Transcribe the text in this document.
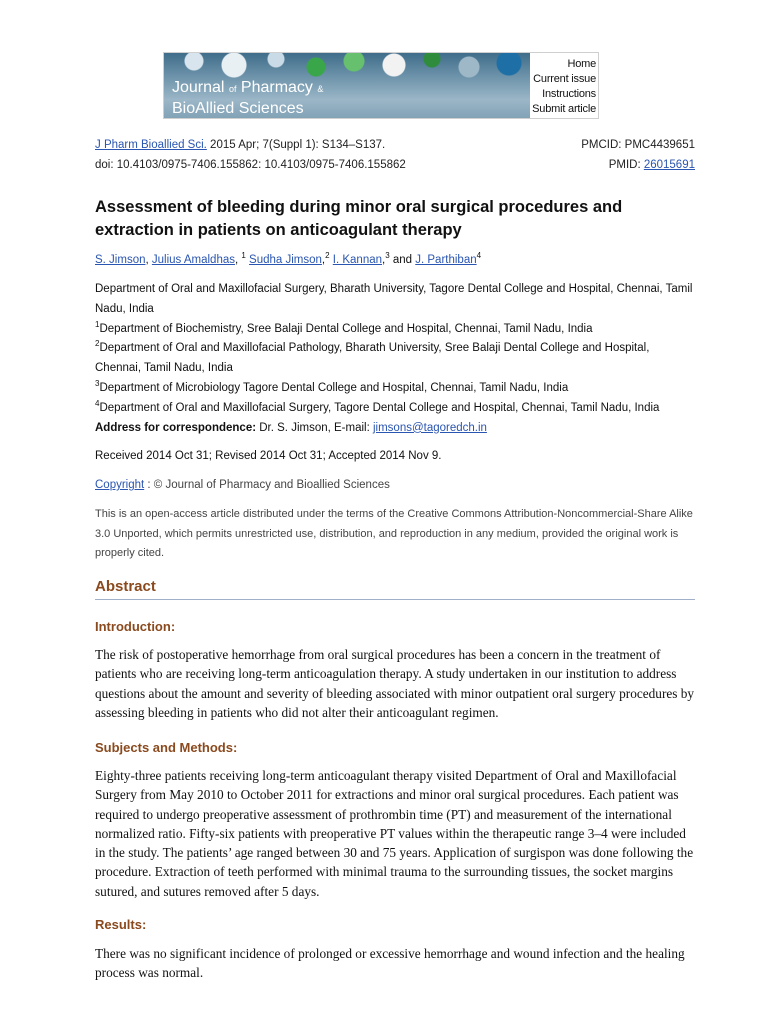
Journal of Pharmacy &
BioAllied Sciences
Home
Current issue
Instructions
Submit article
J Pharm Bioallied Sci. 2015 Apr; 7(Suppl 1): S134–S137.	PMCID: PMC4439651
doi: 10.4103/0975-7406.155862: 10.4103/0975-7406.155862	PMID: 26015691
Assessment of bleeding during minor oral surgical procedures and extraction in patients on anticoagulant therapy
S. Jimson, Julius Amaldhas, $^1$ Sudha Jimson,$^2$ I. Kannan,$^3$ and J. Parthiban$^4$

Department of Oral and Maxillofacial Surgery, Bharath University, Tagore Dental College and Hospital, Chennai, Tamil Nadu, India

$^1$Department of Biochemistry, Sree Balaji Dental College and Hospital, Chennai, Tamil Nadu, India

$^2$Department of Oral and Maxillofacial Pathology, Bharath University, Sree Balaji Dental College and Hospital, Chennai, Tamil Nadu, India

$^3$Department of Microbiology Tagore Dental College and Hospital, Chennai, Tamil Nadu, India

$^4$Department of Oral and Maxillofacial Surgery, Tagore Dental College and Hospital, Chennai, Tamil Nadu, India

Address for correspondence: Dr. S. Jimson, E-mail: jimsons@tagoredch.in

Received 2014 Oct 31; Revised 2014 Oct 31; Accepted 2014 Nov 9.
Copyright : © Journal of Pharmacy and Bioallied Sciences
This is an open-access article distributed under the terms of the Creative Commons Attribution-Noncommercial-Share Alike 3.0 Unported, which permits unrestricted use, distribution, and reproduction in any medium, provided the original work is properly cited.
Abstract
Introduction:

The risk of postoperative hemorrhage from oral surgical procedures has been a concern in the treatment of patients who are receiving long-term anticoagulation therapy. A study undertaken in our institution to address questions about the amount and severity of bleeding associated with minor outpatient oral surgery procedures by assessing bleeding in patients who did not alter their anticoagulant regimen.

Subjects and Methods:

Eighty-three patients receiving long-term anticoagulant therapy visited Department of Oral and Maxillofacial Surgery from May 2010 to October 2011 for extractions and minor oral surgical procedures. Each patient was required to undergo preoperative assessment of prothrombin time (PT) and measurement of the international normalized ratio. Fifty-six patients with preoperative PT values within the therapeutic range 3–4 were included in the study. The patients’ age ranged between 30 and 75 years. Application of surgispon was done following the procedure. Extraction of teeth performed with minimal trauma to the surrounding tissues, the socket margins sutured, and sutures removed after 5 days.

Results:

There was no significant incidence of prolonged or excessive hemorrhage and wound infection and the healing process was normal.
